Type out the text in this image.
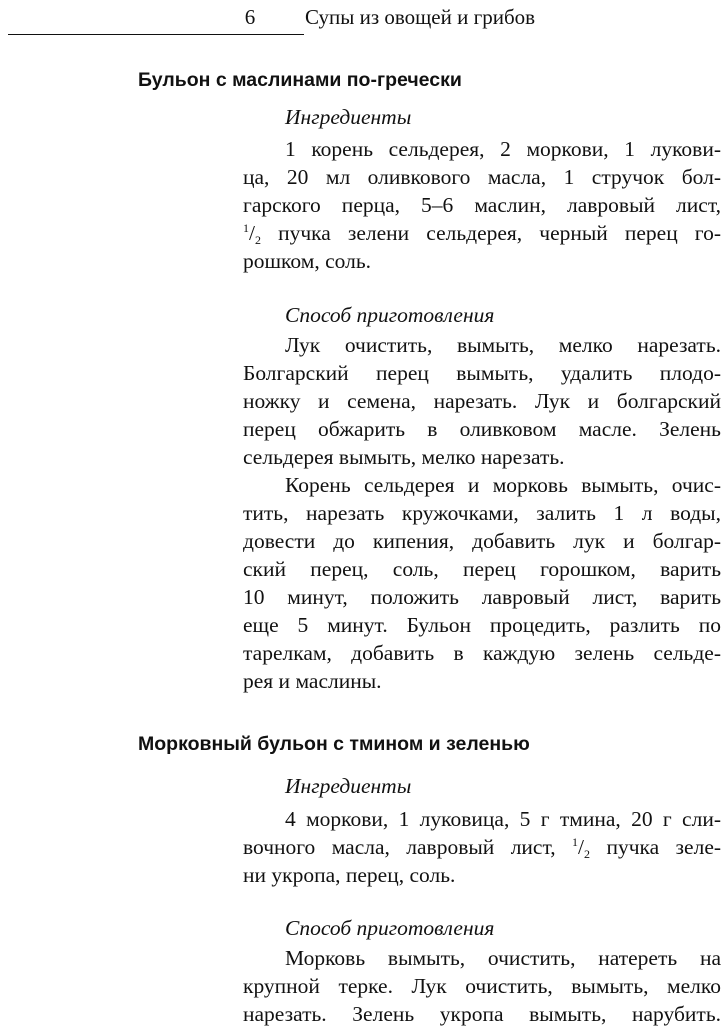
6	Супы из овощей и грибов
Бульон с маслинами по-гречески
Ингредиенты
1 корень сельдерея, 2 моркови, 1 лукови-
ца, 20 мл оливкового масла, 1 стручок бол-
гарского перца, 5–6 маслин, лавровый лист,
$^1/_2$ пучка зелени сельдерея, черный перец го-
рошком, соль.
Способ приготовления
Лук очистить, вымыть, мелко нарезать.
Болгарский перец вымыть, удалить плодо-
ножку и семена, нарезать. Лук и болгарский
перец обжарить в оливковом масле. Зелень
сельдерея вымыть, мелко нарезать.
Корень сельдерея и морковь вымыть, очис-
тить, нарезать кружочками, залить 1 л воды,
довести до кипения, добавить лук и болгар-
ский перец, соль, перец горошком, варить
10 минут, положить лавровый лист, варить
еще 5 минут. Бульон процедить, разлить по
тарелкам, добавить в каждую зелень сельде-
рея и маслины.
Морковный бульон с тмином и зеленью
Ингредиенты
4 моркови, 1 луковица, 5 г тмина, 20 г сли-
вочного масла, лавровый лист, $^1/_2$ пучка зеле-
ни укропа, перец, соль.
Способ приготовления
Морковь вымыть, очистить, натереть на
крупной терке. Лук очистить, вымыть, мелко
нарезать. Зелень укропа вымыть, нарубить.
